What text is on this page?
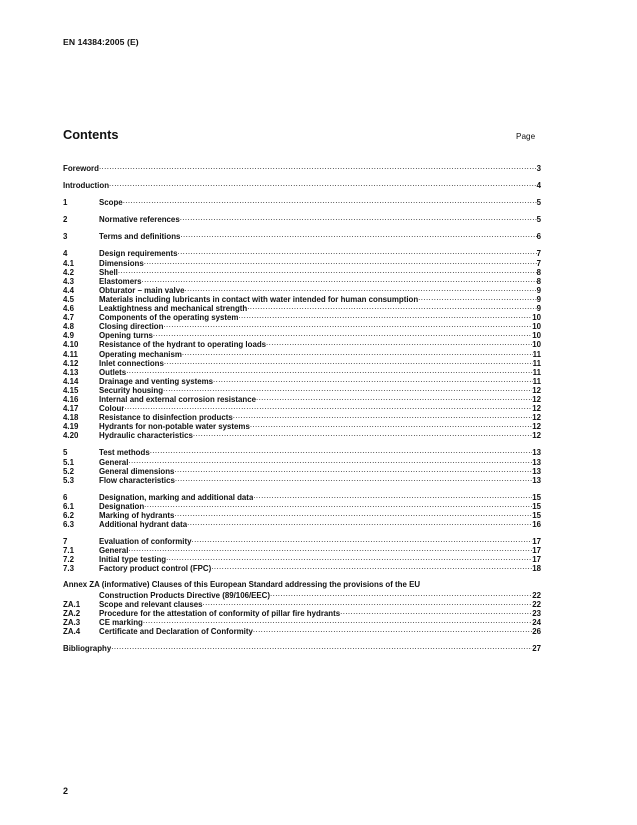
EN 14384:2005 (E)
Contents	Page
Foreword .....	3
Introduction .....	4
1	Scope .....	5
2	Normative references .....	5
3	Terms and definitions .....	6
4	Design requirements .....	7
4.1	Dimensions .....	7
4.2	Shell .....	8
4.3	Elastomers .....	8
4.4	Obturator – main valve .....	9
4.5	Materials including lubricants in contact with water intended for human consumption .....	9
4.6	Leaktightness and mechanical strength .....	9
4.7	Components of the operating system .....	10
4.8	Closing direction .....	10
4.9	Opening turns .....	10
4.10	Resistance of the hydrant to operating loads .....	10
4.11	Operating mechanism .....	11
4.12	Inlet connections .....	11
4.13	Outlets .....	11
4.14	Drainage and venting systems .....	11
4.15	Security housing .....	12
4.16	Internal and external corrosion resistance .....	12
4.17	Colour .....	12
4.18	Resistance to disinfection products .....	12
4.19	Hydrants for non-potable water systems .....	12
4.20	Hydraulic characteristics .....	12
5	Test methods .....	13
5.1	General .....	13
5.2	General dimensions .....	13
5.3	Flow characteristics .....	13
6	Designation, marking and additional data .....	15
6.1	Designation .....	15
6.2	Marking of hydrants .....	15
6.3	Additional hydrant data .....	16
7	Evaluation of conformity .....	17
7.1	General .....	17
7.2	Initial type testing .....	17
7.3	Factory product control (FPC) .....	18
Annex ZA (informative) Clauses of this European Standard addressing the provisions of the EU
Construction Products Directive (89/106/EEC) .....	22
ZA.1	Scope and relevant clauses .....	22
ZA.2	Procedure for the attestation of conformity of pillar fire hydrants .....	23
ZA.3	CE marking .....	24
ZA.4	Certificate and Declaration of Conformity .....	26
Bibliography .....	27
2
